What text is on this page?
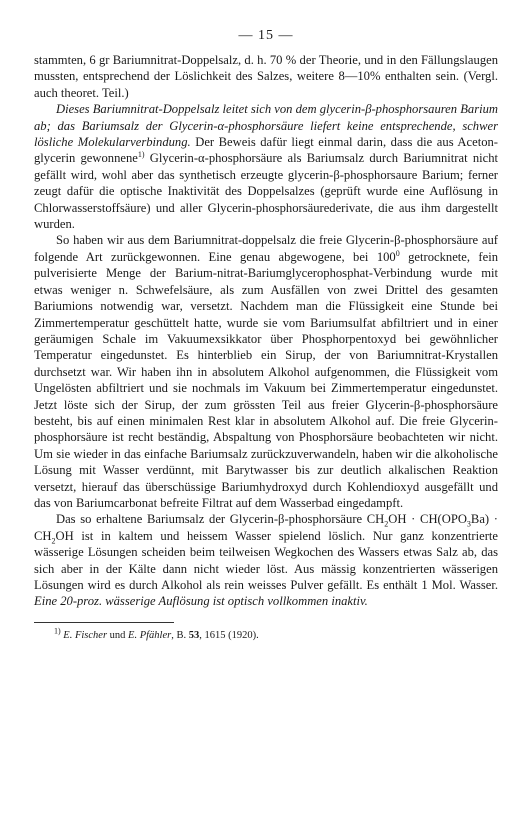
— 15 —

stammten, 6 gr Bariumnitrat-Doppelsalz, d. h. 70 % der Theorie, und in den Fällungslaugen mussten, entsprechend der Löslichkeit des Salzes, weitere 8—10% enthalten sein. (Vergl. auch theoret. Teil.)

Dieses Bariumnitrat-Doppelsalz leitet sich von dem glycerin-β-phosphorsauren Barium ab; das Bariumsalz der Glycerin-α-phosphorsäure liefert keine entsprechende, schwer lösliche Molekularverbindung. Der Beweis dafür liegt einmal darin, dass die aus Aceton-glycerin gewonnene$^{1)}$ Glycerin-α-phosphorsäure als Bariumsalz durch Bariumnitrat nicht gefällt wird, wohl aber das synthetisch erzeugte glycerin-β-phosphorsaure Barium; ferner zeugt dafür die optische Inaktivität des Doppelsalzes (geprüft wurde eine Auflösung in Chlorwasserstoffsäure) und aller Glycerin-phosphorsäurederivate, die aus ihm dargestellt wurden.

So haben wir aus dem Bariumnitrat-doppelsalz die freie Glycerin-β-phosphorsäure auf folgende Art zurückgewonnen. Eine genau abgewogene, bei $100^0$ getrocknete, fein pulverisierte Menge der Barium-nitrat-Bariumglycerophosphat-Verbindung wurde mit etwas weniger n. Schwefelsäure, als zum Ausfällen von zwei Drittel des gesamten Bariumions notwendig war, versetzt. Nachdem man die Flüssigkeit eine Stunde bei Zimmertemperatur geschüttelt hatte, wurde sie vom Bariumsulfat abfiltriert und in einer geräumigen Schale im Vakuumexsikkator über Phosphorpentoxyd bei gewöhnlicher Temperatur eingedunstet. Es hinterblieb ein Sirup, der von Bariumnitrat-Krystallen durchsetzt war. Wir haben ihn in absolutem Alkohol aufgenommen, die Flüssigkeit vom Ungelösten abfiltriert und sie nochmals im Vakuum bei Zimmertemperatur eingedunstet. Jetzt löste sich der Sirup, der zum grössten Teil aus freier Glycerin-β-phosphorsäure besteht, bis auf einen minimalen Rest klar in absolutem Alkohol auf. Die freie Glycerin-phosphorsäure ist recht beständig, Abspaltung von Phosphorsäure beobachteten wir nicht. Um sie wieder in das einfache Bariumsalz zurückzuverwandeln, haben wir die alkoholische Lösung mit Wasser verdünnt, mit Barytwasser bis zur deutlich alkalischen Reaktion versetzt, hierauf das überschüssige Bariumhydroxyd durch Kohlendioxyd ausgefällt und das von Bariumcarbonat befreite Filtrat auf dem Wasserbad eingedampft.

Das so erhaltene Bariumsalz der Glycerin-β-phosphorsäure $CH_2OH \cdot CH(OPO_3Ba) \cdot CH_2OH$ ist in kaltem und heissem Wasser spielend löslich. Nur ganz konzentrierte wässerige Lösungen scheiden beim teilweisen Wegkochen des Wassers etwas Salz ab, das sich aber in der Kälte dann nicht wieder löst. Aus mässig konzentrierten wässerigen Lösungen wird es durch Alkohol als rein weisses Pulver gefällt. Es enthält 1 Mol. Wasser. Eine 20-proz. wässerige Auflösung ist optisch vollkommen inaktiv.

$^{1)}$ E. Fischer und E. Pfähler, B. 53, 1615 (1920).
